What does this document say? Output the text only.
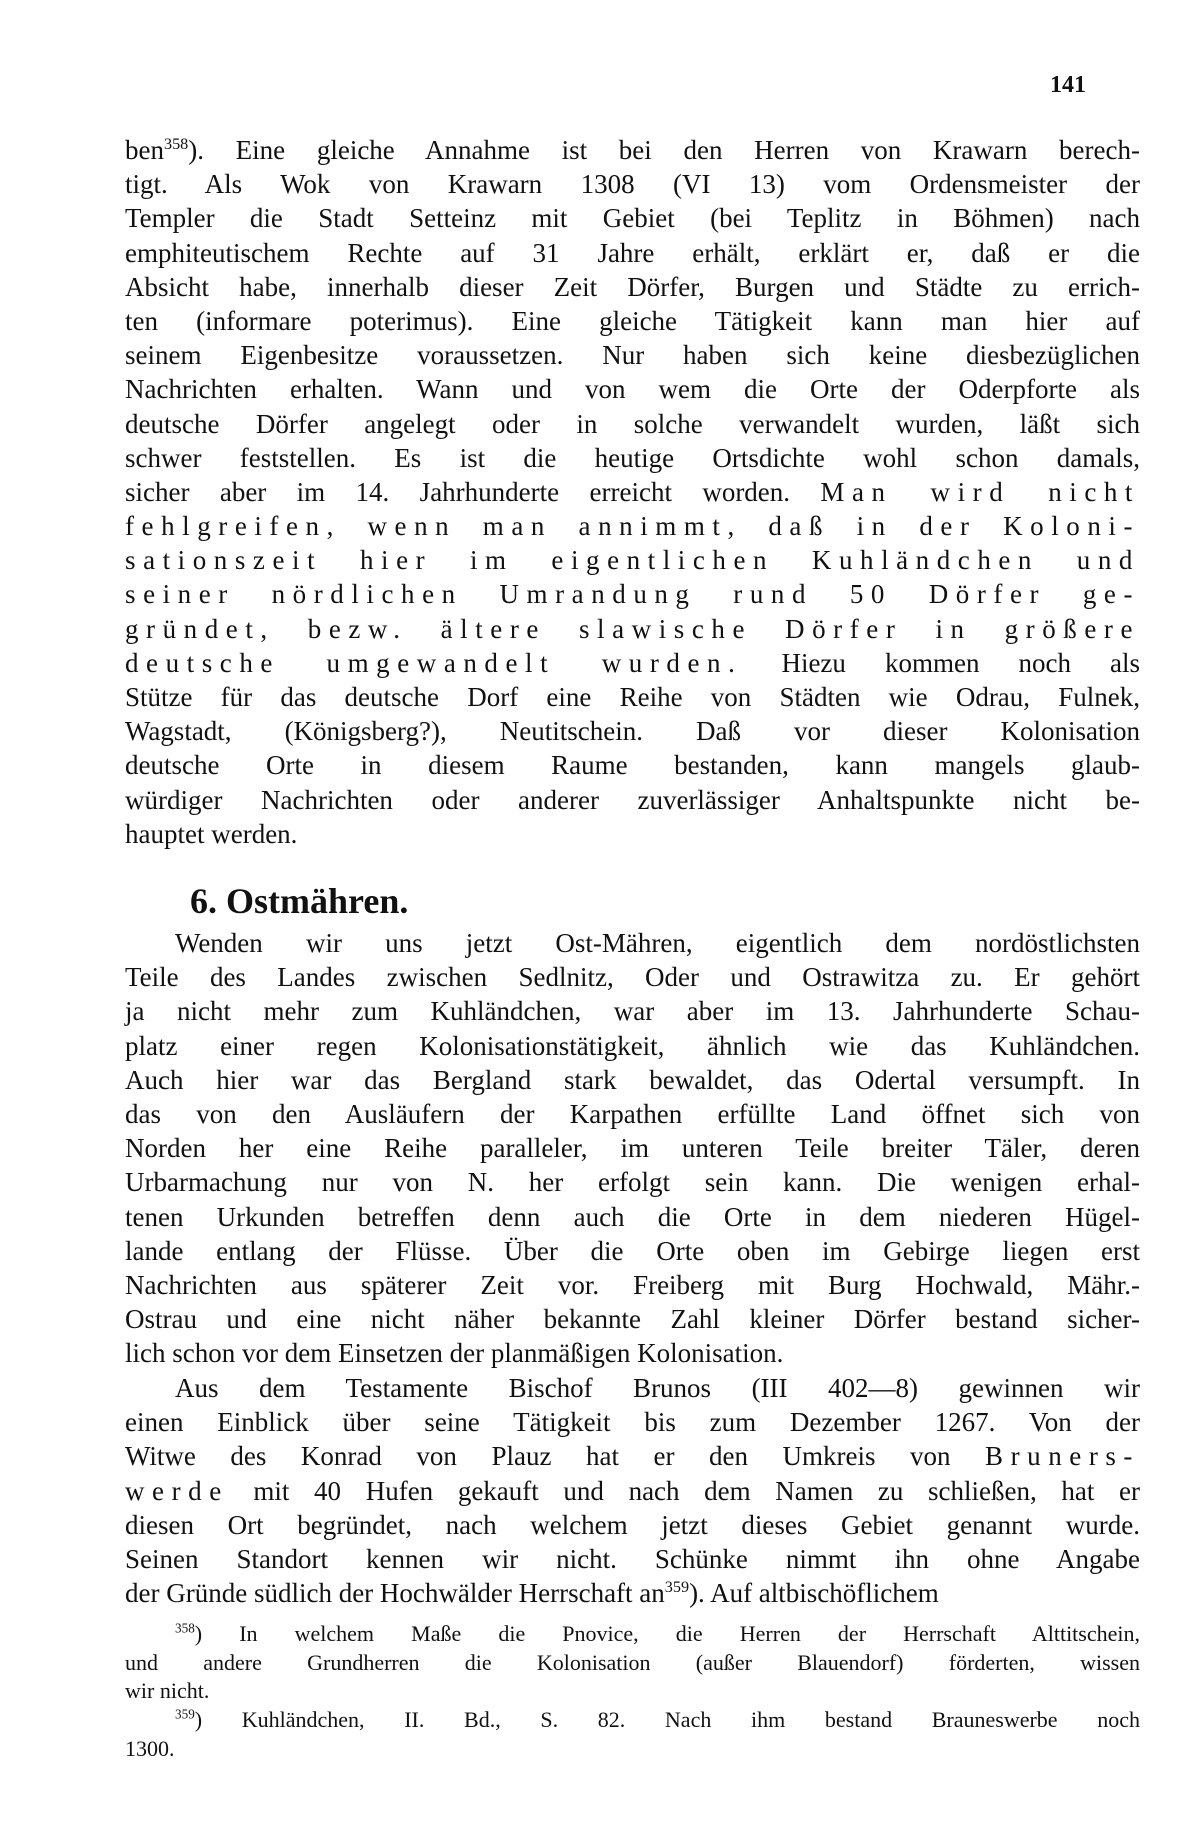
141
ben$^{358}$). Eine gleiche Annahme ist bei den Herren von Krawarn berech-
tigt. Als Wok von Krawarn 1308 (VI 13) vom Ordensmeister der
Templer die Stadt Setteinz mit Gebiet (bei Teplitz in Böhmen) nach
emphiteutischem Rechte auf 31 Jahre erhält, erklärt er, daß er die
Absicht habe, innerhalb dieser Zeit Dörfer, Burgen und Städte zu errich-
ten (informare poterimus). Eine gleiche Tätigkeit kann man hier auf
seinem Eigenbesitze voraussetzen. Nur haben sich keine diesbezüglichen
Nachrichten erhalten. Wann und von wem die Orte der Oderpforte als
deutsche Dörfer angelegt oder in solche verwandelt wurden, läßt sich
schwer feststellen. Es ist die heutige Ortsdichte wohl schon damals,
sicher aber im 14. Jahrhunderte erreicht worden. Man wird nicht
fehlgreifen, wenn man annimmt, daß in der Koloni-
sationszeit hier im eigentlichen Kuhländchen und
seiner nördlichen Umrandung rund 50 Dörfer ge-
gründet, bezw. ältere slawische Dörfer in größere
deutsche umgewandelt wurden. Hiezu kommen noch als
Stütze für das deutsche Dorf eine Reihe von Städten wie Odrau, Fulnek,
Wagstadt, (Königsberg?), Neutitschein. Daß vor dieser Kolonisation
deutsche Orte in diesem Raume bestanden, kann mangels glaub-
würdiger Nachrichten oder anderer zuverlässiger Anhaltspunkte nicht be-
hauptet werden.
6. Ostmähren.
Wenden wir uns jetzt Ost-Mähren, eigentlich dem nordöstlichsten
Teile des Landes zwischen Sedlnitz, Oder und Ostrawitza zu. Er gehört
ja nicht mehr zum Kuhländchen, war aber im 13. Jahrhunderte Schau-
platz einer regen Kolonisationstätigkeit, ähnlich wie das Kuhländchen.
Auch hier war das Bergland stark bewaldet, das Odertal versumpft. In
das von den Ausläufern der Karpathen erfüllte Land öffnet sich von
Norden her eine Reihe paralleler, im unteren Teile breiter Täler, deren
Urbarmachung nur von N. her erfolgt sein kann. Die wenigen erhal-
tenen Urkunden betreffen denn auch die Orte in dem niederen Hügel-
lande entlang der Flüsse. Über die Orte oben im Gebirge liegen erst
Nachrichten aus späterer Zeit vor. Freiberg mit Burg Hochwald, Mähr.-
Ostrau und eine nicht näher bekannte Zahl kleiner Dörfer bestand sicher-
lich schon vor dem Einsetzen der planmäßigen Kolonisation.
Aus dem Testamente Bischof Brunos (III 402—8) gewinnen wir
einen Einblick über seine Tätigkeit bis zum Dezember 1267. Von der
Witwe des Konrad von Plauz hat er den Umkreis von Bruners-
werde mit 40 Hufen gekauft und nach dem Namen zu schließen, hat er
diesen Ort begründet, nach welchem jetzt dieses Gebiet genannt wurde.
Seinen Standort kennen wir nicht. Schünke nimmt ihn ohne Angabe
der Gründe südlich der Hochwälder Herrschaft $an^{359}$). Auf altbischöflichem
$^{358}$) In welchem Maße die Pnovice, die Herren der Herrschaft Alttitschein,
und andere Grundherren die Kolonisation (außer Blauendorf) förderten, wissen
wir nicht.
$^{359}$) Kuhländchen, II. Bd., S. 82. Nach ihm bestand Brauneswerbe noch
1300.
